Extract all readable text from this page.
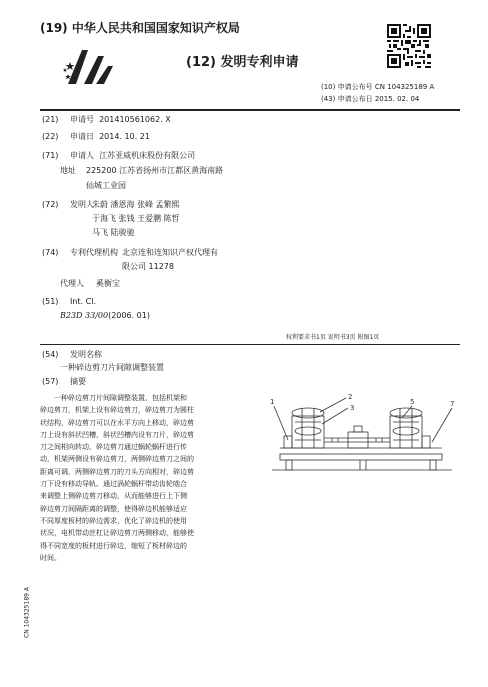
(19) 中华人民共和国国家知识产权局
(12) 发明专利申请
(10) 申请公布号 CN 104325189 A
(43) 申请公布日 2015. 02. 04
(21) 申请号 201410561062. X
(22) 申请日 2014. 10. 21
(71) 申请人 江苏亚威机床股份有限公司
地址 225200 江苏省扬州市江都区黄海南路
仙城工业园
(72) 发明人
朱蔚 潘恩海 张峰 孟繁熙
于海飞 张钱 王爱鹏 陈哲
马飞 陆骏驰
(74) 专利代理机构 北京连和连知识产权代理有
限公司 11278
代理人 奚衡宝
(51) Int. Cl.
B23D 33/00(2006. 01)
权利要求书1页 说明书3页 附图1页
(54) 发明名称
一种碎边剪刀片间隙调整装置
(57) 摘要

一种碎边剪刀片间隙调整装置，包括机架和

碎边剪刀，机架上设有碎边剪刀，碎边剪刀为圆柱

状结构，碎边剪刀可以在水平方向上移动，碎边剪

刀上设有斜状凹槽，斜状凹槽内设有刀片，碎边剪

刀之间相向转动，碎边剪刀通过蜗轮蜗杆进行传

动，机架两侧设有碎边剪刀，两侧碎边剪刀之间的

距离可调，两侧碎边剪刀的刀头方向相对，碎边剪

刀下设有移动导轨。通过涡轮蜗杆带动齿轮啮合

来调整上侧碎边剪刀移动，从而能够进行上下侧

碎边剪刀间隔距离的调整，使得碎边机能够适应

不同厚度板材的碎边需求，优化了碎边机的使用

状况，电机带动丝杠让碎边剪刀两侧移动，能够使

得不同宽度的板材进行碎边，缩短了板材碎边的

时间。

1
2
3
5	7
CN 104325189 A
